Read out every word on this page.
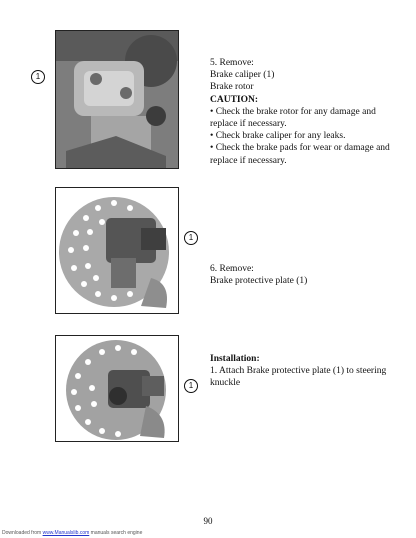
1
1
1
5. Remove:
Brake caliper (1)
Brake rotor
CAUTION:
• Check the brake rotor for any damage and replace if necessary.
• Check brake caliper for any leaks.
• Check the brake pads for wear or damage and replace if necessary.
6. Remove:
Brake protective plate (1)
Installation:
1. Attach Brake protective plate (1) to steering knuckle
90
Downloaded from www.Manualslib.com manuals search engine
